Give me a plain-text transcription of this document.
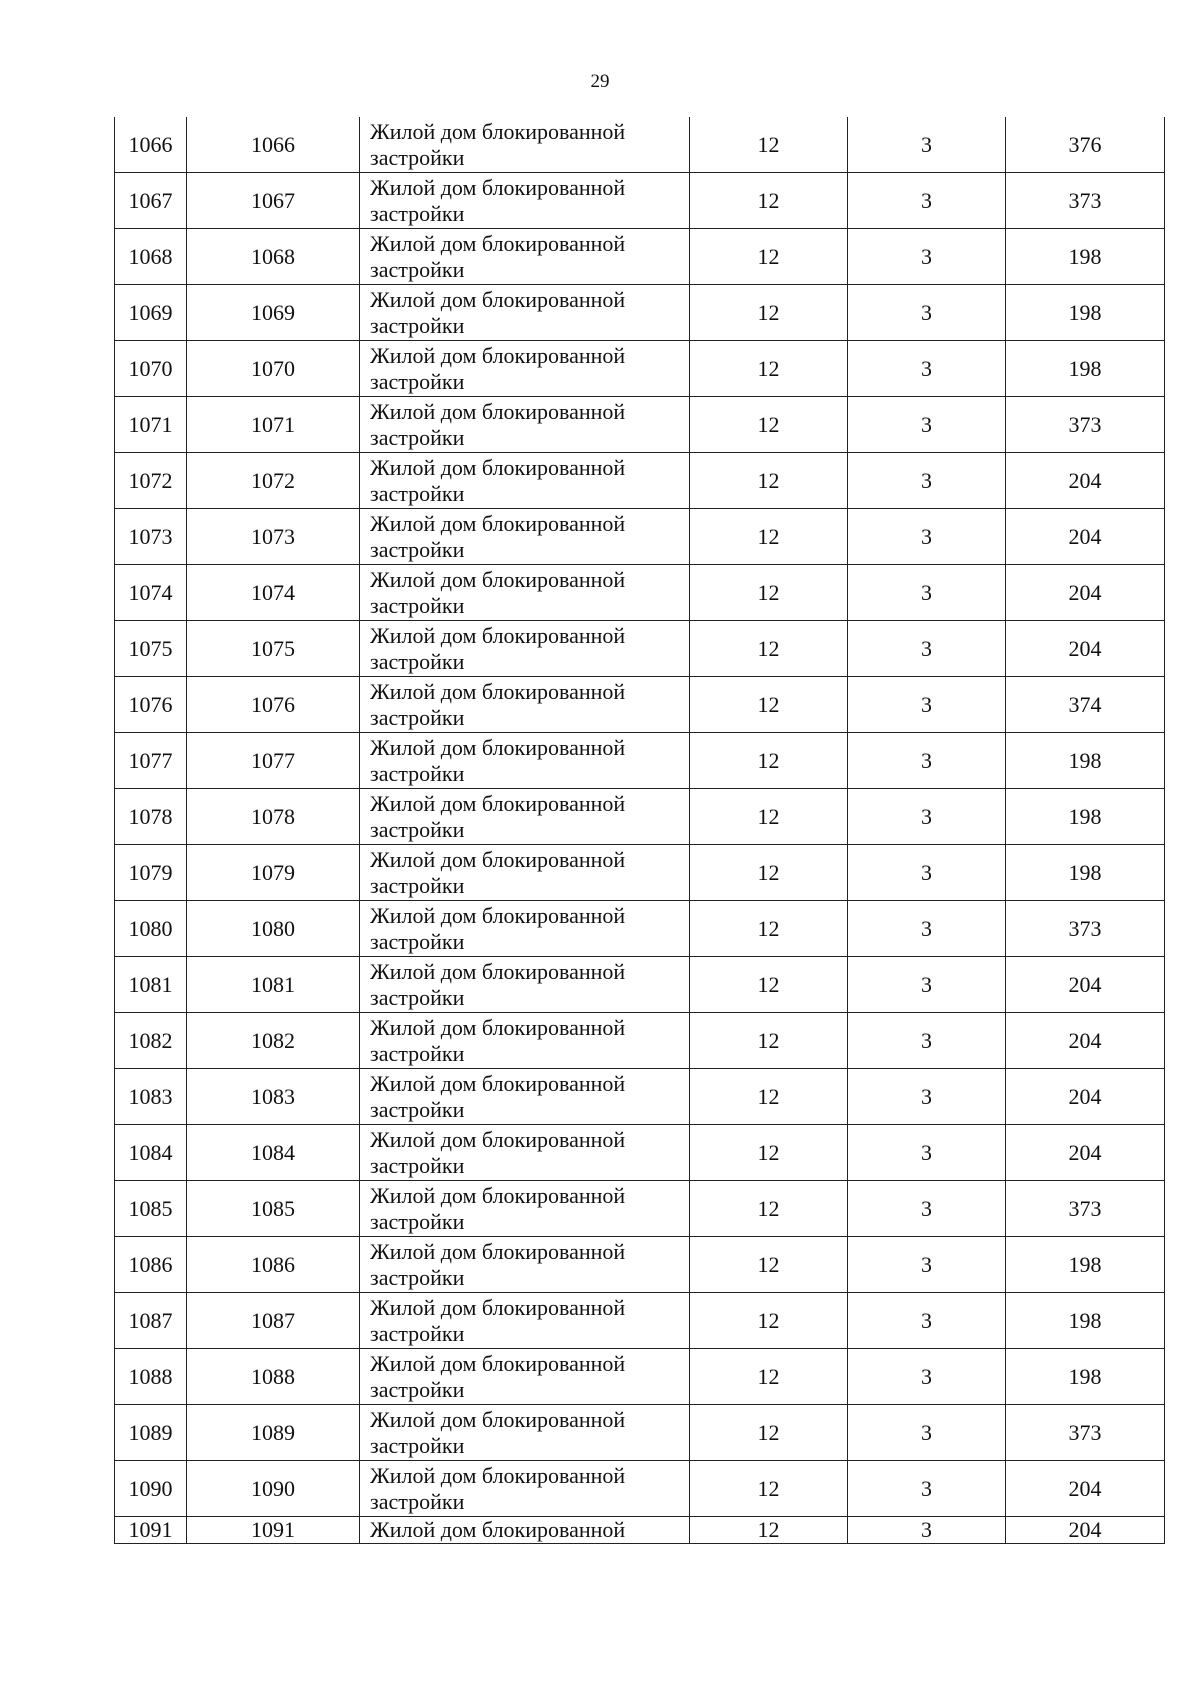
29
1066	1066	Жилой дом блокированной застройки	12	3	376
1067	1067	Жилой дом блокированной застройки	12	3	373
1068	1068	Жилой дом блокированной застройки	12	3	198
1069	1069	Жилой дом блокированной застройки	12	3	198
1070	1070	Жилой дом блокированной застройки	12	3	198
1071	1071	Жилой дом блокированной застройки	12	3	373
1072	1072	Жилой дом блокированной застройки	12	3	204
1073	1073	Жилой дом блокированной застройки	12	3	204
1074	1074	Жилой дом блокированной застройки	12	3	204
1075	1075	Жилой дом блокированной застройки	12	3	204
1076	1076	Жилой дом блокированной застройки	12	3	374
1077	1077	Жилой дом блокированной застройки	12	3	198
1078	1078	Жилой дом блокированной застройки	12	3	198
1079	1079	Жилой дом блокированной застройки	12	3	198
1080	1080	Жилой дом блокированной застройки	12	3	373
1081	1081	Жилой дом блокированной застройки	12	3	204
1082	1082	Жилой дом блокированной застройки	12	3	204
1083	1083	Жилой дом блокированной застройки	12	3	204
1084	1084	Жилой дом блокированной застройки	12	3	204
1085	1085	Жилой дом блокированной застройки	12	3	373
1086	1086	Жилой дом блокированной застройки	12	3	198
1087	1087	Жилой дом блокированной застройки	12	3	198
1088	1088	Жилой дом блокированной застройки	12	3	198
1089	1089	Жилой дом блокированной застройки	12	3	373
1090	1090	Жилой дом блокированной застройки	12	3	204
1091	1091	Жилой дом блокированной	12	3	204
